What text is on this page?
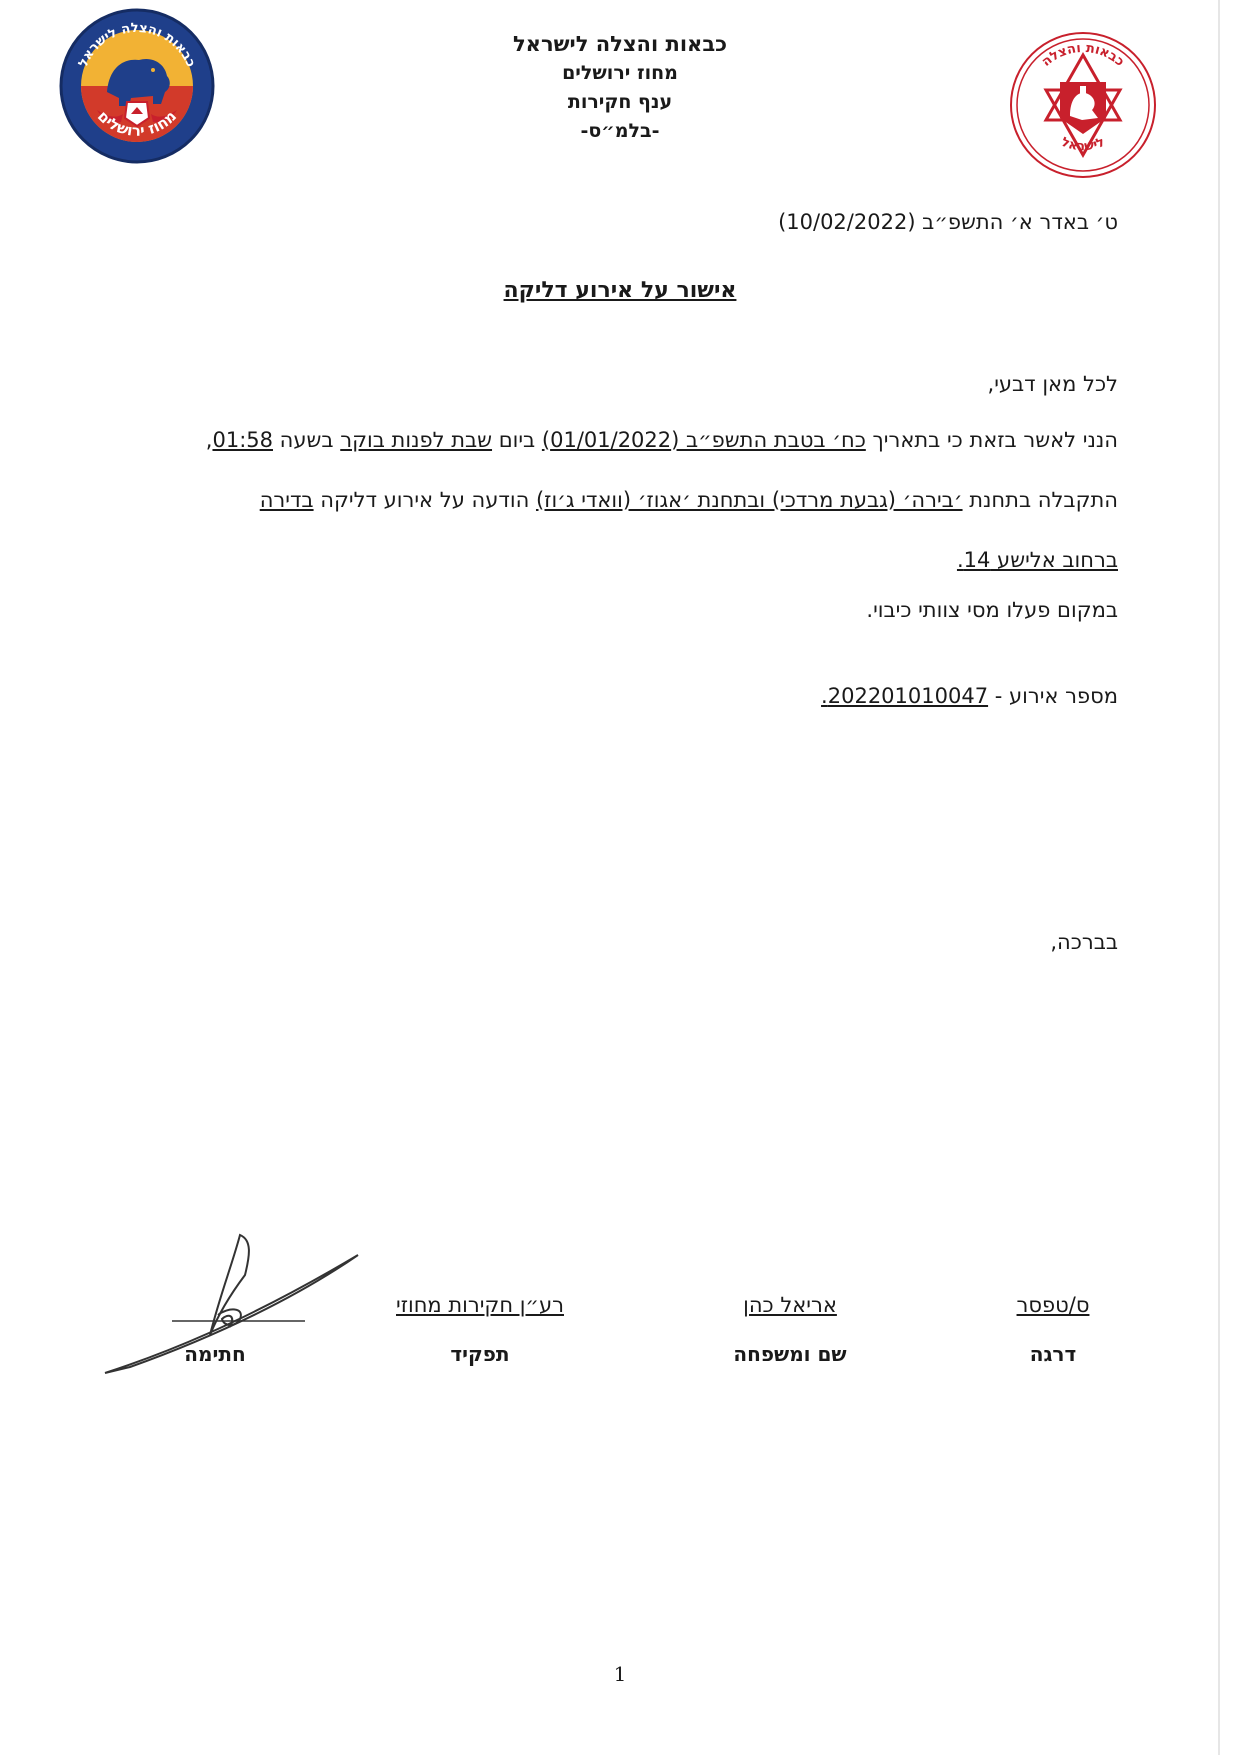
כבאות והצלה לישראל
מחוז ירושלים
כבאות והצלה לישראל
מחוז ירושלים
ענף חקירות
-בלמ״ס-
כבאות והצלה
לישראל
ט׳ באדר א׳ התשפ״ב (10/02/2022)
אישור על אירוע דליקה
לכל מאן דבעי,
הנני לאשר בזאת כי בתאריך כח׳ בטבת התשפ״ב (01/01/2022) ביום שבת לפנות בוקר בשעה 01:58,
התקבלה בתחנת ׳בירה׳ (גבעת מרדכי) ובתחנת ׳אגוז׳ (וואדי ג׳וז) הודעה על אירוע דליקה בדירה
ברחוב אלישע 14.
במקום פעלו מסי צוותי כיבוי.
מספר אירוע - 202201010047.
בברכה,
ס/טפסר
דרגה
אריאל כהן
שם ומשפחה
רע״ן חקירות מחוזי
תפקיד
חתימה
1
